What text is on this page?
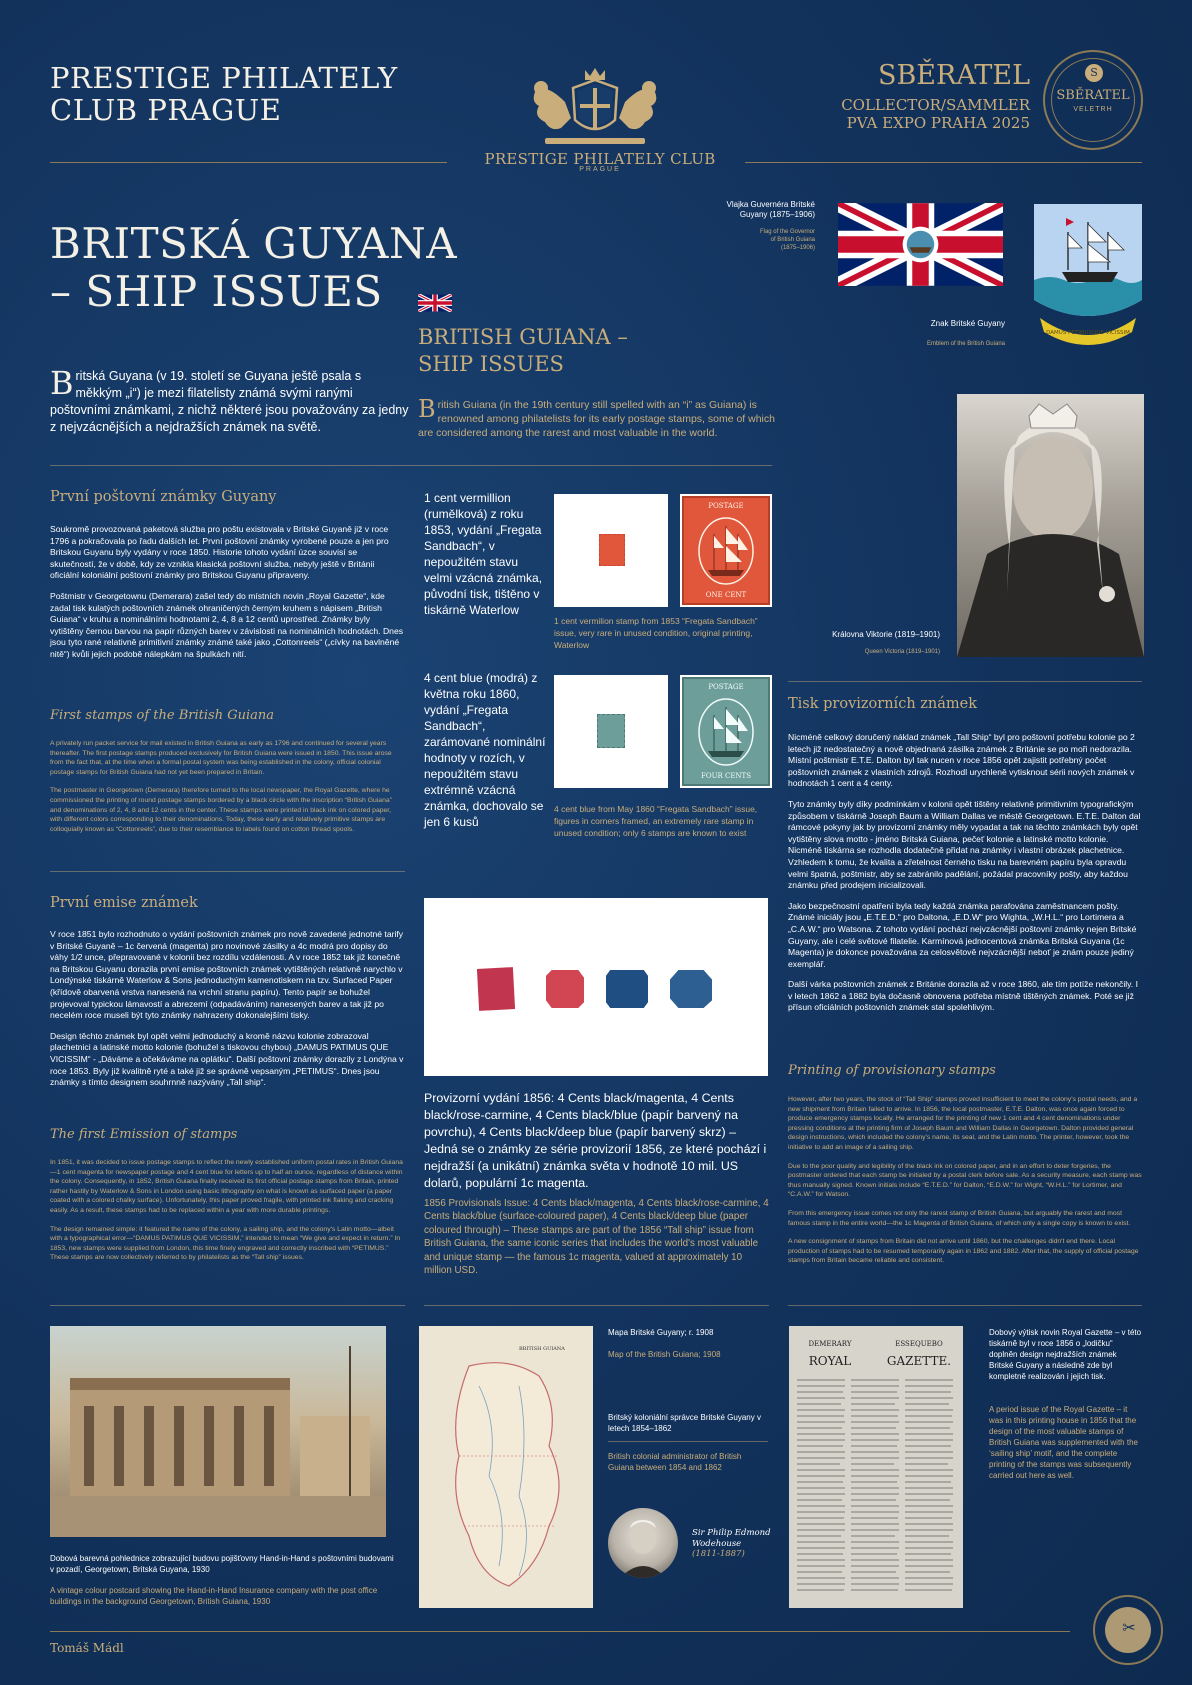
PRESTIGE PHILATELY
CLUB PRAGUE
PRESTIGE PHILATELY CLUB
PRAGUE
SBĚRATEL
COLLECTOR/SAMMLER
PVA EXPO PRAHA 2025
S
SBĚRATEL
VELETRH
BRITSKÁ GUYANA
– SHIP ISSUES
BRITISH GUIANA –
SHIP ISSUES
Britská Guyana (v 19. století se Guyana ještě psala s měkkým „i“) je mezi filatelisty známá svými ranými poštovními známkami, z nichž některé jsou považovány za jedny z nejvzácnějších a nejdražších známek na světě.
British Guiana (in the 19th century still spelled with an “i” as Guiana) is renowned among philatelists for its early postage stamps, some of which are considered among the rarest and most valuable in the world.
Vlajka Guvernéra Britské
Guyany (1875–1906)
Flag of the Governor
of British Guiana
(1875–1906)
DAMUS PETIMUSQUE VICISSIM
Znak Britské Guyany
Emblem of the British Guiana
Královna Viktorie (1819–1901)
Queen Victoria (1819–1901)
První poštovní známky Guyany

Soukromě provozovaná paketová služba pro poštu existovala v Britské Guyaně již v roce 1796 a pokračovala po řadu dalších let. První poštovní známky vyrobené pouze a jen pro Britskou Guyanu byly vydány v roce 1850. Historie tohoto vydání úzce souvisí se skutečností, že v době, kdy ze vznikla klasická poštovní služba, nebyly ještě v Británii oficiální koloniální poštovní známky pro Britskou Guyanu připraveny.

Poštmistr v Georgetownu (Demerara) zašel tedy do místních novin „Royal Gazette“, kde zadal tisk kulatých poštovních známek ohraničených černým kruhem s nápisem „British Guiana“ v kruhu a nominálními hodnotami 2, 4, 8 a 12 centů uprostřed. Známky byly vytištěny černou barvou na papír různých barev v závislosti na nominálních hodnotách. Dnes jsou tyto rané relativně primitivní známky známé také jako „Cottonreels“ („cívky na bavlněné nitě“) kvůli jejich podobě nálepkám na špulkách nití.

First stamps of the British Guiana

A privately run packet service for mail existed in British Guiana as early as 1796 and continued for several years thereafter. The first postage stamps produced exclusively for British Guiana were issued in 1850. This issue arose from the fact that, at the time when a formal postal system was being established in the colony, official colonial postage stamps for British Guiana had not yet been prepared in Britain.

The postmaster in Georgetown (Demerara) therefore turned to the local newspaper, the Royal Gazette, where he commissioned the printing of round postage stamps bordered by a black circle with the inscription “British Guiana” and denominations of 2, 4, 8 and 12 cents in the center. These stamps were printed in black ink on colored paper, with different colors corresponding to their denominations. Today, these early and relatively primitive stamps are colloquially known as “Cottonreels”, due to their resemblance to labels found on cotton thread spools.

První emise známek

V roce 1851 bylo rozhodnuto o vydání poštovních známek pro nově zavedené jednotné tarify v Britské Guyaně – 1c červená (magenta) pro novinové zásilky a 4c modrá pro dopisy do váhy 1/2 unce, přepravované v kolonii bez rozdílu vzdálenosti. A v roce 1852 tak již konečně na Britskou Guyanu dorazila první emise poštovních známek vytištěných relativně narychlo v Londýnské tiskárně Waterlow & Sons jednoduchým kamenotiskem na tzv. Surfaced Paper (křídově obarvená vrstva nanesená na vrchní stranu papíru). Tento papír se bohužel projevoval typickou lámavostí a abrezemí (odpadáváním) nanesených barev a tak již po necelém roce museli být tyto známky nahrazeny dokonalejšími tisky.

Design těchto známek byl opět velmi jednoduchý a kromě názvu kolonie zobrazoval plachetnici a latinské motto kolonie (bohužel s tiskovou chybou) „DAMUS PATIMUS QUE VICISSIM“ - „Dáváme a očekáváme na oplátku“. Další poštovní známky dorazily z Londýna v roce 1853. Byly již kvalitně ryté a také již se správně vepsaným „PETIMUS“. Dnes jsou známky s tímto designem souhrnně nazývány „Tall ship“.

The first Emission of stamps

In 1851, it was decided to issue postage stamps to reflect the newly established uniform postal rates in British Guiana—1 cent magenta for newspaper postage and 4 cent blue for letters up to half an ounce, regardless of distance within the colony. Consequently, in 1852, British Guiana finally received its first official postage stamps from Britain, printed rather hastily by Waterlow & Sons in London using basic lithography on what is known as surfaced paper (a paper coated with a colored chalky surface). Unfortunately, this paper proved fragile, with printed ink flaking and cracking easily. As a result, these stamps had to be replaced within a year with more durable printings.

The design remained simple: it featured the name of the colony, a sailing ship, and the colony's Latin motto—albeit with a typographical error—“DAMUS PATIMUS QUE VICISSIM,” intended to mean “We give and expect in return.” In 1853, new stamps were supplied from London, this time finely engraved and correctly inscribed with “PETIMUS.” These stamps are now collectively referred to by philatelists as the “Tall ship” issues.

1 cent vermillion (rumělková) z roku 1853, vydání „Fregata Sandbach“, v nepoužitém stavu velmi vzácná známka, původní tisk, tištěno v tiskárně Waterlow
POSTAGE
ONE CENT
1 cent vermilion stamp from 1853 “Fregata Sandbach” issue, very rare in unused condition, original printing, Waterlow
4 cent blue (modrá) z května roku 1860, vydání „Fregata Sandbach“, zarámované nominální hodnoty v rozích, v nepoužitém stavu extrémně vzácná známka, dochovalo se jen 6 kusů
POSTAGE
FOUR CENTS
4 cent blue from May 1860 “Fregata Sandbach” issue, figures in corners framed, an extremely rare stamp in unused condition; only 6 stamps are known to exist
Provizorní vydání 1856: 4 Cents black/magenta, 4 Cents black/rose-carmine, 4 Cents black/blue (papír barvený na povrchu), 4 Cents black/deep blue (papír barvený skrz) – Jedná se o známky ze série provizorií 1856, ze které pochází i nejdražší (a unikátní) známka světa v hodnotě 10 mil. US dolarů, populární 1c magenta.
1856 Provisionals Issue: 4 Cents black/magenta, 4 Cents black/rose-carmine, 4 Cents black/blue (surface-coloured paper), 4 Cents black/deep blue (paper coloured through) – These stamps are part of the 1856 “Tall ship” issue from British Guiana, the same iconic series that includes the world's most valuable and unique stamp — the famous 1c magenta, valued at approximately 10 million USD.
Tisk provizorních známek

Nicméně celkový doručený náklad známek „Tall Ship“ byl pro poštovní potřebu kolonie po 2 letech již nedostatečný a nově objednaná zásilka známek z Británie se po moři nedorazila. Místní poštmistr E.T.E. Dalton byl tak nucen v roce 1856 opět zajistit potřebný počet poštovních známek z vlastních zdrojů. Rozhodl urychleně vytisknout sérii nových známek v hodnotách 1 cent a 4 centy.

Tyto známky byly díky podmínkám v kolonii opět tištěny relativně primitivním typografickým způsobem v tiskárně Joseph Baum a William Dallas ve městě Georgetown. E.T.E. Dalton dal rámcové pokyny jak by provizorní známky měly vypadat a tak na těchto známkách byly opět vytištěny slova motto - jméno Britská Guiana, pečeť kolonie a latinské motto kolonie. Nicméně tiskárna se rozhodla dodatečně přidat na známky i vlastní obrázek plachetnice. Vzhledem k tomu, že kvalita a zřetelnost černého tisku na barevném papíru byla opravdu velmi špatná, poštmistr, aby se zabránilo padělání, požádal pracovníky pošty, aby každou známku před prodejem inicializovali.

Jako bezpečnostní opatření byla tedy každá známka parafována zaměstnancem pošty. Známé iniciály jsou „E.T.E.D.“ pro Daltona, „E.D.W“ pro Wighta, „W.H.L.“ pro Lortimera a „C.A.W.“ pro Watsona. Z tohoto vydání pochází nejvzácnější poštovní známky nejen Britské Guyany, ale i celé světové filatelie. Karmínová jednocentová známka Britská Guyana (1c Magenta) je dokonce považována za celosvětově nejvzácnější neboť je znám pouze jediný exemplář.

Další várka poštovních známek z Británie dorazila až v roce 1860, ale tím potíže nekončily. I v letech 1862 a 1882 byla dočasně obnovena potřeba místně tištěných známek. Poté se již přísun oficiálních poštovních známek stal spolehlivým.

Printing of provisionary stamps

However, after two years, the stock of “Tall Ship” stamps proved insufficient to meet the colony's postal needs, and a new shipment from Britain failed to arrive. In 1856, the local postmaster, E.T.E. Dalton, was once again forced to produce emergency stamps locally. He arranged for the printing of new 1 cent and 4 cent denominations under pressing conditions at the printing firm of Joseph Baum and William Dallas in Georgetown. Dalton provided general design instructions, which included the colony's name, its seal, and the Latin motto. The printer, however, took the initiative to add an image of a sailing ship.

Due to the poor quality and legibility of the black ink on colored paper, and in an effort to deter forgeries, the postmaster ordered that each stamp be initialed by a postal clerk before sale. As a security measure, each stamp was thus manually signed. Known initials include “E.T.E.D.” for Dalton, “E.D.W.” for Wight, “W.H.L.” for Lortimer, and “C.A.W.” for Watson.

From this emergency issue comes not only the rarest stamp of British Guiana, but arguably the rarest and most famous stamp in the entire world—the 1c Magenta of British Guiana, of which only a single copy is known to exist.

A new consignment of stamps from Britain did not arrive until 1860, but the challenges didn't end there. Local production of stamps had to be resumed temporarily again in 1862 and 1882. After that, the supply of official postage stamps from Britain became reliable and consistent.

Dobová barevná pohlednice zobrazující budovu pojišťovny Hand-in-Hand s poštovními budovami v pozadí, Georgetown, Britská Guyana, 1930
A vintage colour postcard showing the Hand-in-Hand Insurance company with the post office buildings in the background Georgetown, British Guiana, 1930
BRITISH GUIANA
Mapa Britské Guyany; r. 1908
Map of the British Guiana; 1908
Britský koloniální správce Britské Guyany v letech 1854–1862
British colonial administrator of British Guiana between 1854 and 1862
Sir Philip Edmond
Wodehouse
(1811-1887)
DEMERARY	ESSEQUEBO
ROYAL	GAZETTE.
Dobový výtisk novin Royal Gazette – v této tiskárně byl v roce 1856 o „lodičku“ doplněn design nejdražších známek Britské Guyany a následně zde byl kompletně realizován i jejich tisk.
A period issue of the Royal Gazette – it was in this printing house in 1856 that the design of the most valuable stamps of British Guiana was supplemented with the ‘sailing ship’ motif, and the complete printing of the stamps was subsequently carried out here as well.
Tomáš Mádl
✂
